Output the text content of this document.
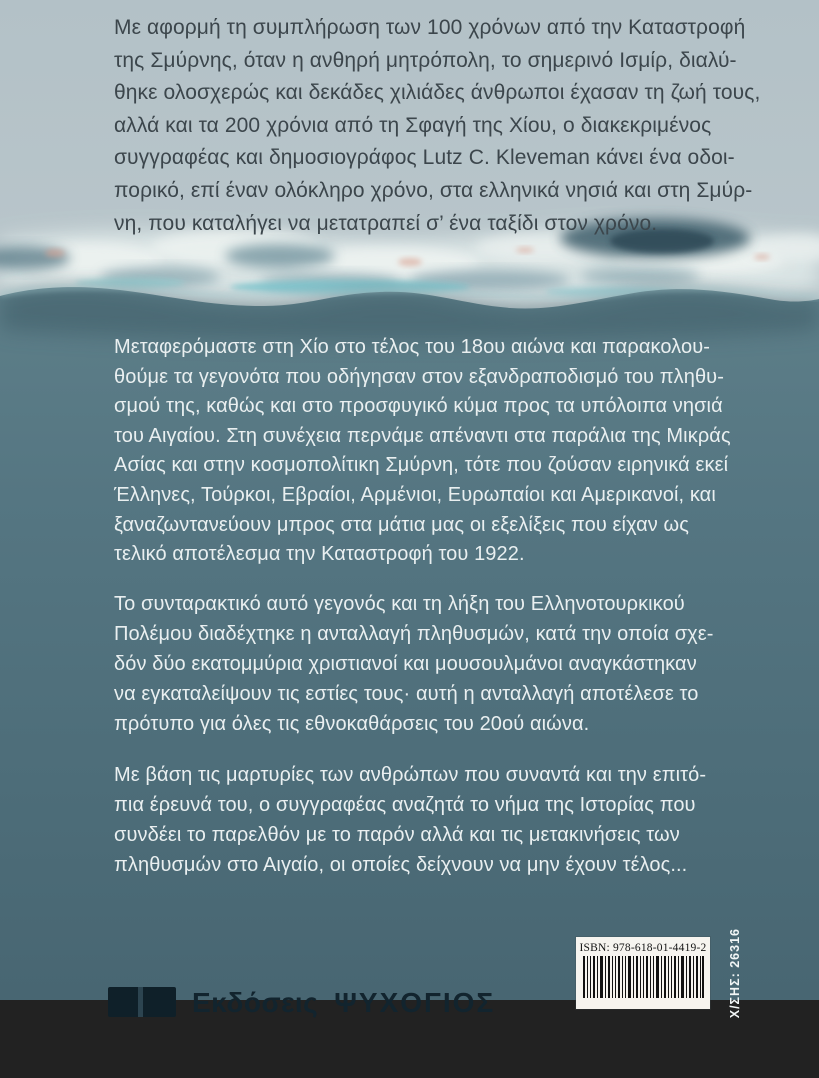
Με αφορμή τη συμπλήρωση των 100 χρόνων από την Καταστροφή
της Σμύρνης, όταν η ανθηρή μητρόπολη, το σημερινό Ισμίρ, διαλύ-
θηκε ολοσχερώς και δεκάδες χιλιάδες άνθρωποι έχασαν τη ζωή τους,
αλλά και τα 200 χρόνια από τη Σφαγή της Χίου, ο διακεκριμένος
συγγραφέας και δημοσιογράφος Lutz C. Kleveman κάνει ένα οδοι-
πορικό, επί έναν ολόκληρο χρόνο, στα ελληνικά νησιά και στη Σμύρ-
νη, που καταλήγει να μετατραπεί σ’ ένα ταξίδι στον χρόνο.
Μεταφερόμαστε στη Χίο στο τέλος του 18ου αιώνα και παρακολου-
θούμε τα γεγονότα που οδήγησαν στον εξανδραποδισμό του πληθυ-
σμού της, καθώς και στο προσφυγικό κύμα προς τα υπόλοιπα νησιά
του Αιγαίου. Στη συνέχεια περνάμε απέναντι στα παράλια της Μικράς
Ασίας και στην κοσμοπολίτικη Σμύρνη, τότε που ζούσαν ειρηνικά εκεί
Έλληνες, Τούρκοι, Εβραίοι, Αρμένιοι, Ευρωπαίοι και Αμερικανοί, και
ξαναζωντανεύουν μπρος στα μάτια μας οι εξελίξεις που είχαν ως
τελικό αποτέλεσμα την Καταστροφή του 1922.
Το συνταρακτικό αυτό γεγονός και τη λήξη του Ελληνοτουρκικού
Πολέμου διαδέχτηκε η ανταλλαγή πληθυσμών, κατά την οποία σχε-
δόν δύο εκατομμύρια χριστιανοί και μουσουλμάνοι αναγκάστηκαν
να εγκαταλείψουν τις εστίες τους· αυτή η ανταλλαγή αποτέλεσε το
πρότυπο για όλες τις εθνοκαθάρσεις του 20ού αιώνα.
Με βάση τις μαρτυρίες των ανθρώπων που συναντά και την επιτό-
πια έρευνά του, ο συγγραφέας αναζητά το νήμα της Ιστορίας που
συνδέει το παρελθόν με το παρόν αλλά και τις μετακινήσεις των
πληθυσμών στο Αιγαίο, οι οποίες δείχνουν να μην έχουν τέλος...
Εκδόσεις ΨΥΧΟΓΙΟΣ
ISBN: 978-618-01-4419-2 Χ/ΣΗΣ: 26316
